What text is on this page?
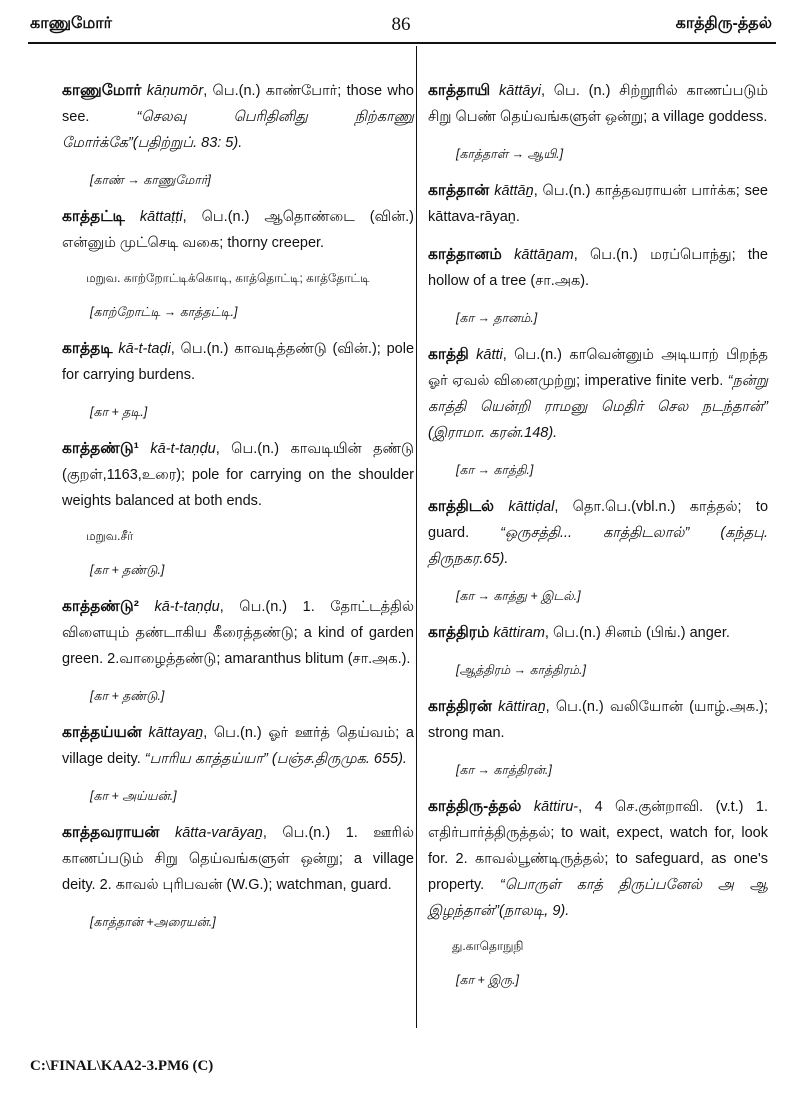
காணுமோர்	86	காத்திரு-த்தல்
காணுமோர் kāṇumōr, பெ.(n.) காண்போர்; those who see. “செலவு பெரிதினிது நிற்காணு மோர்க்கே”(பதிற்றுப். 83: 5).
[காண் → காணுமோர்]
காத்தட்டி kāttaṭṭi, பெ.(n.) ஆதொண்டை (வின்.) என்னும் முட்செடி வகை; thorny creeper.
மறுவ. காற்றோட்டிக்கொடி, காத்தொட்டி; காத்தோட்டி
[காற்றோட்டி → காத்தட்டி.]
காத்தடி kā-t-taḍi, பெ.(n.) காவடித்தண்டு (வின்.); pole for carrying burdens.
[கா + தடி.]
காத்தண்டு¹ kā-t-taṇḍu, பெ.(n.) காவடியின் தண்டு (குறள்,1163,உரை); pole for carrying on the shoulder weights balanced at both ends.
மறுவ.சீர்
[கா + தண்டு.]
காத்தண்டு² kā-t-taṇḍu, பெ.(n.) 1. தோட்டத்தில் விளையும் தண்டாகிய கீரைத்தண்டு; a kind of garden green. 2.வாழைத்தண்டு; amaranthus blitum (சா.அக.).
[கா + தண்டு.]
காத்தய்யன் kāttayaṉ, பெ.(n.) ஓர் ஊர்த் தெய்வம்; a village deity. “பாரிய காத்தய்யா” (பஞ்ச.திருமுக. 655).
[கா + அய்யன்.]
காத்தவராயன் kātta-varāyaṉ, பெ.(n.) 1. ஊரில் காணப்படும் சிறு தெய்வங்களுள் ஒன்று; a village deity. 2. காவல் புரிபவன் (W.G.); watchman, guard.
[காத்தான் +அரையன்.]
காத்தாயி kāttāyi, பெ. (n.) சிற்றூரில் காணப்படும் சிறு பெண் தெய்வங்களுள் ஒன்று; a village goddess.
[காத்தாள் → ஆயி.]
காத்தான் kāttāṉ, பெ.(n.) காத்தவராயன் பார்க்க; see kāttava-rāyaṉ.
காத்தானம் kāttāṉam, பெ.(n.) மரப்பொந்து; the hollow of a tree (சா.அக).
[கா → தானம்.]
காத்தி kātti, பெ.(n.) காவென்னும் அடியாற் பிறந்த ஓர் ஏவல் வினைமுற்று; imperative finite verb. “நன்று காத்தி யென்றி ராமனு மெதிர் செல நடந்தான்” (இராமா. கரன்.148).
[கா → காத்தி.]
காத்திடல் kāttiḍal, தொ.பெ.(vbl.n.) காத்தல்; to guard. “ஒருசத்தி... காத்திடலால்” (கந்தபு. திருநகர.65).
[கா → காத்து + இடல்.]
காத்திரம் kāttiram, பெ.(n.) சினம் (பிங்.) anger.
[ஆத்திரம் → காத்திரம்.]
காத்திரன் kāttiraṉ, பெ.(n.) வலியோன் (யாழ்.அக.); strong man.
[கா → காத்திரன்.]
காத்திரு-த்தல் kāttiru-, 4 செ.குன்றாவி. (v.t.) 1. எதிர்பார்த்திருத்தல்; to wait, expect, watch for, look for. 2. காவல்பூண்டிருத்தல்; to safeguard, as one's property. “பொருள் காத் திருப்பனேல் அ ஆ இழந்தான்”(நாலடி, 9).
து.காதொநுநி
[கா + இரு.]
C:\FINAL\KAA2-3.PM6 (C)
